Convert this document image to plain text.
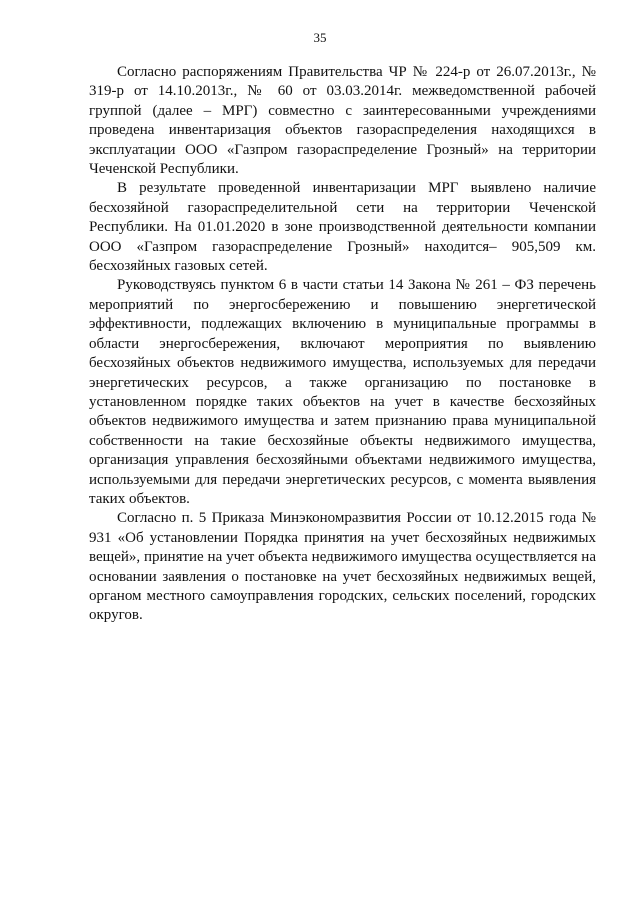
35

Согласно распоряжениям Правительства ЧР № 224-р от 26.07.2013г., № 319-р от 14.10.2013г., № 60 от 03.03.2014г. межведомственной рабочей группой (далее – МРГ) совместно с заинтересованными учреждениями проведена инвентаризация объектов газораспределения находящихся в эксплуатации ООО «Газпром газораспределение Грозный» на территории Чеченской Республики.

В результате проведенной инвентаризации МРГ выявлено наличие бесхозяйной газораспределительной сети на территории Чеченской Республики. На 01.01.2020 в зоне производственной деятельности компании ООО «Газпром газораспределение Грозный» находится– 905,509 км. бесхозяйных газовых сетей.

Руководствуясь пунктом 6 в части статьи 14 Закона № 261 – ФЗ перечень мероприятий по энергосбережению и повышению энергетической эффективности, подлежащих включению в муниципальные программы в области энергосбережения, включают мероприятия по выявлению бесхозяйных объектов недвижимого имущества, используемых для передачи энергетических ресурсов, а также организацию по постановке в установленном порядке таких объектов на учет в качестве бесхозяйных объектов недвижимого имущества и затем признанию права муниципальной собственности на такие бесхозяйные объекты недвижимого имущества, организация управления бесхозяйными объектами недвижимого имущества, используемыми для передачи энергетических ресурсов, с момента выявления таких объектов.

Согласно п. 5 Приказа Минэкономразвития России от 10.12.2015 года № 931 «Об установлении Порядка принятия на учет бесхозяйных недвижимых вещей», принятие на учет объекта недвижимого имущества осуществляется на основании заявления о постановке на учет бесхозяйных недвижимых вещей, органом местного самоуправления городских, сельских поселений, городских округов.
